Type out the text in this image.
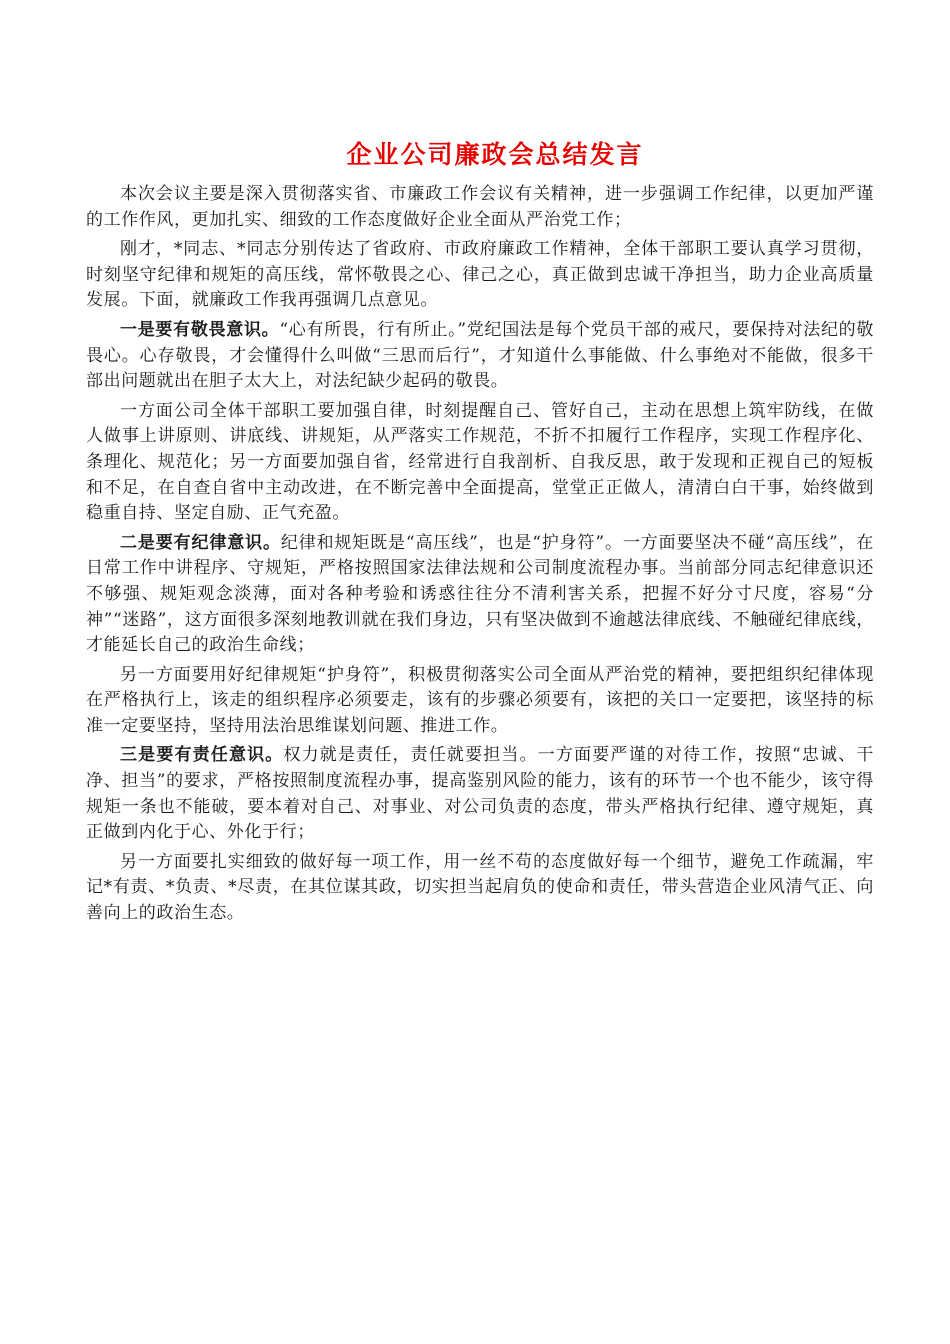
企业公司廉政会总结发言

本次会议主要是深入贯彻落实省、市廉政工作会议有关精神，进一步强调工作纪律，以更加严谨的工作作风，更加扎实、细致的工作态度做好企业全面从严治党工作；

刚才，*同志、*同志分别传达了省政府、市政府廉政工作精神，全体干部职工要认真学习贯彻，时刻坚守纪律和规矩的高压线，常怀敬畏之心、律己之心，真正做到忠诚干净担当，助力企业高质量发展。下面，就廉政工作我再强调几点意见。

一是要有敬畏意识。“心有所畏，行有所止。”党纪国法是每个党员干部的戒尺，要保持对法纪的敬畏心。心存敬畏，才会懂得什么叫做“三思而后行”，才知道什么事能做、什么事绝对不能做，很多干部出问题就出在胆子太大上，对法纪缺少起码的敬畏。

一方面公司全体干部职工要加强自律，时刻提醒自己、管好自己，主动在思想上筑牢防线，在做人做事上讲原则、讲底线、讲规矩，从严落实工作规范，不折不扣履行工作程序，实现工作程序化、条理化、规范化；另一方面要加强自省，经常进行自我剖析、自我反思，敢于发现和正视自己的短板和不足，在自查自省中主动改进，在不断完善中全面提高，堂堂正正做人，清清白白干事，始终做到稳重自持、坚定自励、正气充盈。

二是要有纪律意识。纪律和规矩既是“高压线”，也是“护身符”。一方面要坚决不碰“高压线”，在日常工作中讲程序、守规矩，严格按照国家法律法规和公司制度流程办事。当前部分同志纪律意识还不够强、规矩观念淡薄，面对各种考验和诱惑往往分不清利害关系，把握不好分寸尺度，容易“分神”“迷路”，这方面很多深刻地教训就在我们身边，只有坚决做到不逾越法律底线、不触碰纪律底线，才能延长自己的政治生命线；

另一方面要用好纪律规矩“护身符”，积极贯彻落实公司全面从严治党的精神，要把组织纪律体现在严格执行上，该走的组织程序必须要走，该有的步骤必须要有，该把的关口一定要把，该坚持的标准一定要坚持，坚持用法治思维谋划问题、推进工作。

三是要有责任意识。权力就是责任，责任就要担当。一方面要严谨的对待工作，按照“忠诚、干净、担当”的要求，严格按照制度流程办事，提高鉴别风险的能力，该有的环节一个也不能少，该守得规矩一条也不能破，要本着对自己、对事业、对公司负责的态度，带头严格执行纪律、遵守规矩，真正做到内化于心、外化于行；

另一方面要扎实细致的做好每一项工作，用一丝不苟的态度做好每一个细节，避免工作疏漏，牢记*有责、*负责、*尽责，在其位谋其政，切实担当起肩负的使命和责任，带头营造企业风清气正、向善向上的政治生态。
